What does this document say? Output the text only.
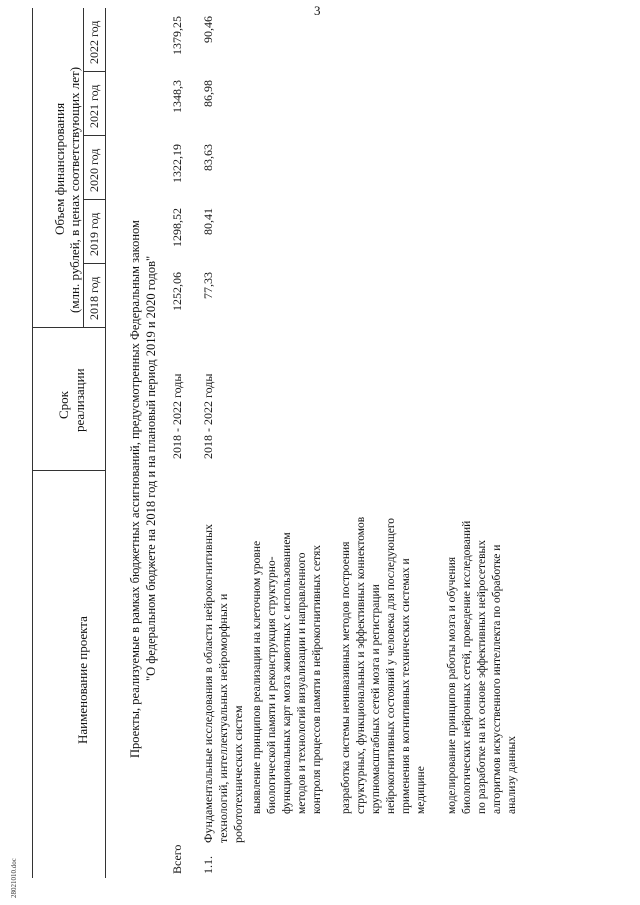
3
28021010.doc
Наименование проекта
Срок реализации
Объем финансирования (млн. рублей, в ценах соответствующих лет) 2018 год
2019 год
2020 год
2021 год
2022 год
Проекты, реализуемые в рамках бюджетных ассигнований, предусмотренных Федеральным законом "О федеральном бюджете на 2018 год и на плановый период 2019 и 2020 годов"
Всего
2018 - 2022 годы
1252,06
1298,52
1322,19
1348,3
1379,25
1.1.
Фундаментальные исследования в области нейрокогнитивных технологий, интеллектуальных нейроморфных и робототехнических систем
2018 - 2022 годы
77,33
80,41
83,63
86,98
90,46
выявление принципов реализации на клеточном уровне биологической памяти и реконструкция структурно- функциональных карт мозга животных с использованием методов и технологий визуализации и направленного контроля процессов памяти в нейрокогнитивных сетях разработка системы неинвазивных методов построения структурных, функциональных и эффективных коннектомов крупномасштабных сетей мозга и регистрации нейрокогнитивных состояний у человека для последующего применения в когнитивных технических системах и медицине моделирование принципов работы мозга и обучения биологических нейронных сетей, проведение исследований по разработке на их основе эффективных нейросетевых алгоритмов искусственного интеллекта по обработке и анализу данных
